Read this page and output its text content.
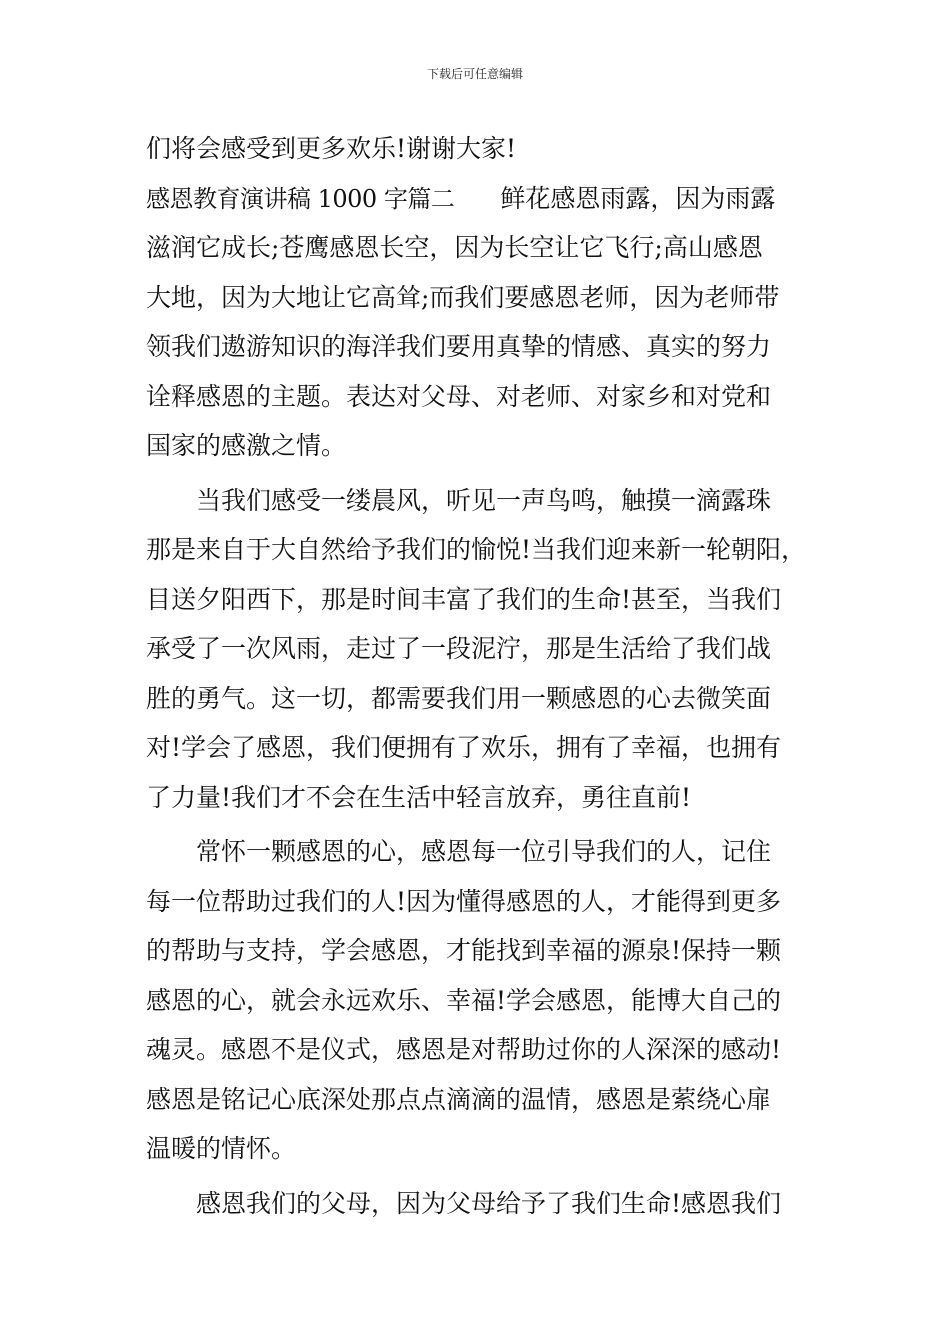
下载后可任意编辑
们将会感受到更多欢乐!谢谢大家!
感恩教育演讲稿 1000 字篇二 鲜花感恩雨露，因为雨露
滋润它成长;苍鹰感恩长空，因为长空让它飞行;高山感恩
大地，因为大地让它高耸;而我们要感恩老师，因为老师带
领我们遨游知识的海洋我们要用真挚的情感、真实的努力
诠释感恩的主题。表达对父母、对老师、对家乡和对党和
国家的感激之情。
当我们感受一缕晨风，听见一声鸟鸣，触摸一滴露珠
那是来自于大自然给予我们的愉悦!当我们迎来新一轮朝阳，
目送夕阳西下，那是时间丰富了我们的生命!甚至，当我们
承受了一次风雨，走过了一段泥泞，那是生活给了我们战
胜的勇气。这一切，都需要我们用一颗感恩的心去微笑面
对!学会了感恩，我们便拥有了欢乐，拥有了幸福，也拥有
了力量!我们才不会在生活中轻言放弃，勇往直前!
常怀一颗感恩的心，感恩每一位引导我们的人，记住
每一位帮助过我们的人!因为懂得感恩的人，才能得到更多
的帮助与支持，学会感恩，才能找到幸福的源泉!保持一颗
感恩的心，就会永远欢乐、幸福!学会感恩，能博大自己的
魂灵。感恩不是仪式，感恩是对帮助过你的人深深的感动!
感恩是铭记心底深处那点点滴滴的温情，感恩是萦绕心扉
温暖的情怀。
感恩我们的父母，因为父母给予了我们生命!感恩我们
